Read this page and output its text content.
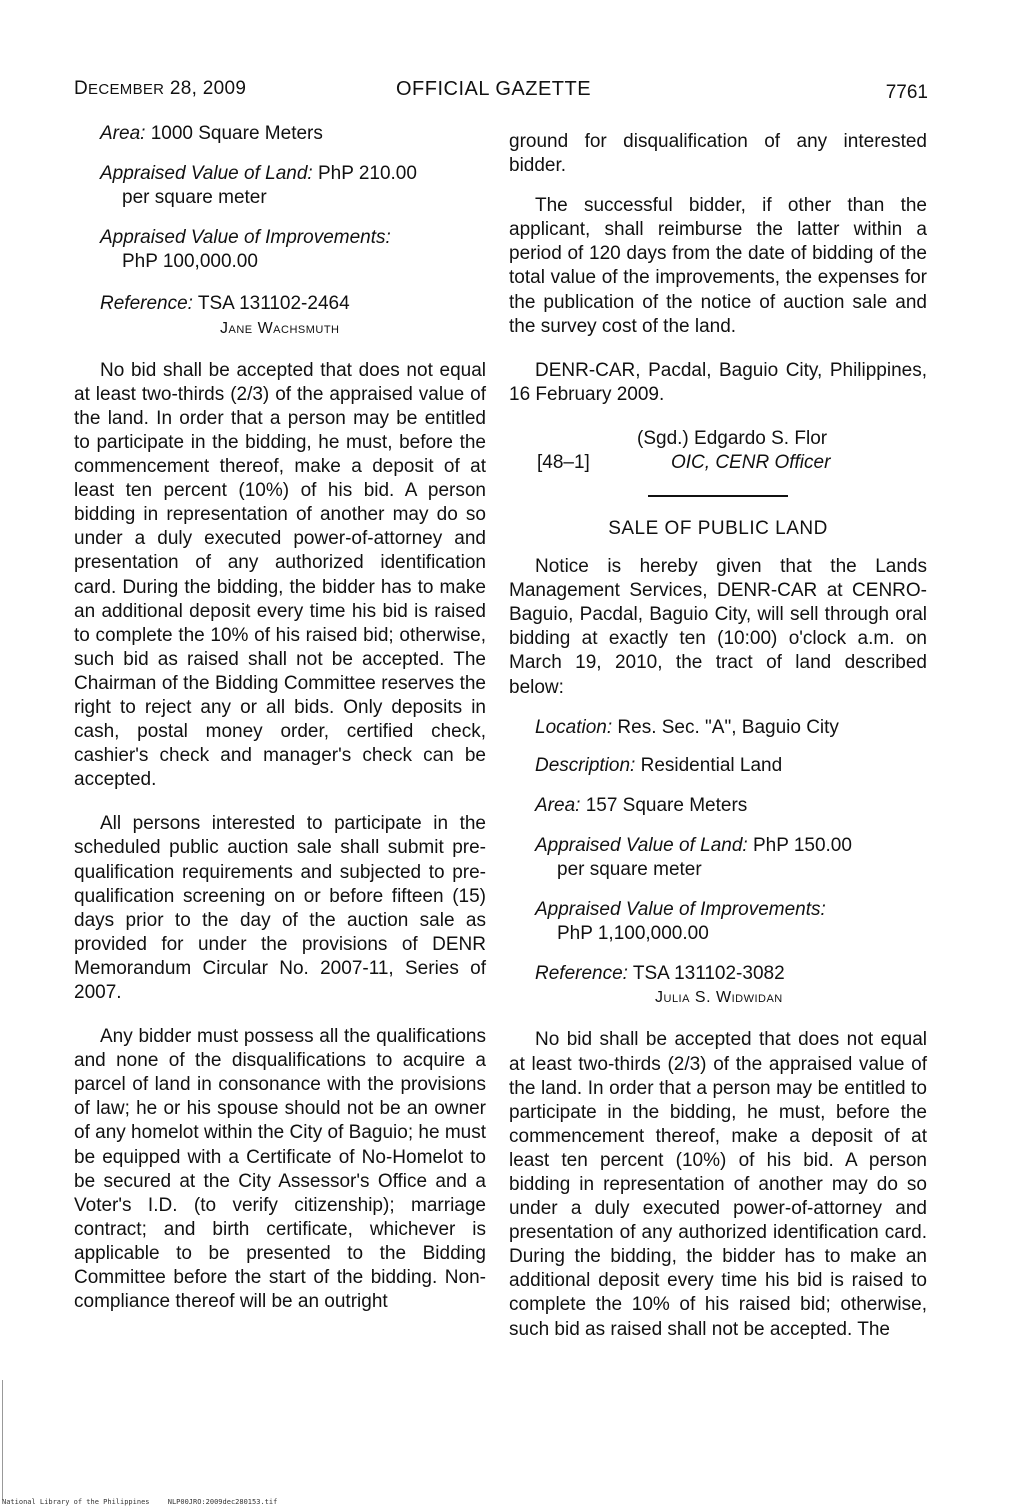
DECEMBER 28, 2009	OFFICIAL GAZETTE	7761
Area: 1000 Square Meters
Appraised Value of Land: PhP 210.00
per square meter
Appraised Value of Improvements:
PhP 100,000.00
Reference: TSA 131102-2464
Jane Wachsmuth

No bid shall be accepted that does not equal at least two-thirds (2/3) of the appraised value of the land. In order that a person may be entitled to participate in the bidding, he must, before the commencement thereof, make a deposit of at least ten percent (10%) of his bid. A person bidding in representation of another may do so under a duly executed power-of-attorney and presentation of any authorized identification card. During the bidding, the bidder has to make an additional deposit every time his bid is raised to complete the 10% of his raised bid; otherwise, such bid as raised shall not be accepted. The Chairman of the Bidding Committee reserves the right to reject any or all bids. Only deposits in cash, postal money order, certified check, cashier's check and manager's check can be accepted.

All persons interested to participate in the scheduled public auction sale shall submit pre-qualification requirements and subjected to pre-qualification screening on or before fifteen (15) days prior to the day of the auction sale as provided for under the provisions of DENR Memorandum Circular No. 2007-11, Series of 2007.

Any bidder must possess all the qualifications and none of the disqualifications to acquire a parcel of land in consonance with the provisions of law; he or his spouse should not be an owner of any homelot within the City of Baguio; he must be equipped with a Certificate of No-Homelot to be secured at the City Assessor's Office and a Voter's I.D. (to verify citizenship); marriage contract; and birth certificate, whichever is applicable to be presented to the Bidding Committee before the start of the bidding. Non-compliance thereof will be an outright

ground for disqualification of any interested bidder.

The successful bidder, if other than the applicant, shall reimburse the latter within a period of 120 days from the date of bidding of the total value of the improvements, the expenses for the publication of the notice of auction sale and the survey cost of the land.

DENR-CAR, Pacdal, Baguio City, Philippines, 16 February 2009.

(Sgd.) Edgardo S. Flor
[48–1]	OIC, CENR Officer
SALE OF PUBLIC LAND

Notice is hereby given that the Lands Management Services, DENR-CAR at CENRO-Baguio, Pacdal, Baguio City, will sell through oral bidding at exactly ten (10:00) o'clock a.m. on March 19, 2010, the tract of land described below:

Location: Res. Sec. "A", Baguio City
Description: Residential Land
Area: 157 Square Meters
Appraised Value of Land: PhP 150.00
per square meter
Appraised Value of Improvements:
PhP 1,100,000.00
Reference: TSA 131102-3082
Julia S. Widwidan

No bid shall be accepted that does not equal at least two-thirds (2/3) of the appraised value of the land. In order that a person may be entitled to participate in the bidding, he must, before the commencement thereof, make a deposit of at least ten percent (10%) of his bid. A person bidding in representation of another may do so under a duly executed power-of-attorney and presentation of any authorized identification card. During the bidding, the bidder has to make an additional deposit every time his bid is raised to complete the 10% of his raised bid; otherwise, such bid as raised shall not be accepted. The

National Library of the Philippines	NLP00JRO:2009dec280153.tif
